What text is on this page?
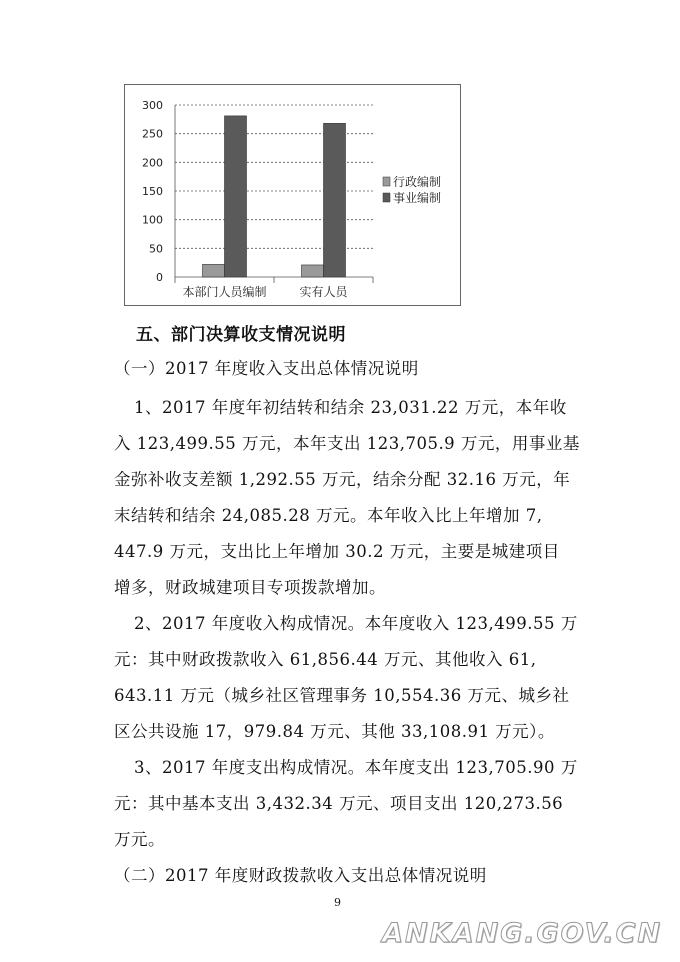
0
50
100
150
200
250
300
本部门人员编制	实有人员
行政编制
事业编制
五、部门决算收支情况说明
（一）2017 年度收入支出总体情况说明
1、2017 年度年初结转和结余 23,031.22 万元，本年收
入 123,499.55 万元，本年支出 123,705.9 万元，用事业基
金弥补收支差额 1,292.55 万元，结余分配 32.16 万元，年
末结转和结余 24,085.28 万元。本年收入比上年增加 7,
447.9 万元，支出比上年增加 30.2 万元，主要是城建项目
增多，财政城建项目专项拨款增加。
2、2017 年度收入构成情况。本年度收入 123,499.55 万
元：其中财政拨款收入 61,856.44 万元、其他收入 61,
643.11 万元（城乡社区管理事务 10,554.36 万元、城乡社
区公共设施 17，979.84 万元、其他 33,108.91 万元）。
3、2017 年度支出构成情况。本年度支出 123,705.90 万
元：其中基本支出 3,432.34 万元、项目支出 120,273.56
万元。
（二）2017 年度财政拨款收入支出总体情况说明
9
ANKANG.GOV.CN
